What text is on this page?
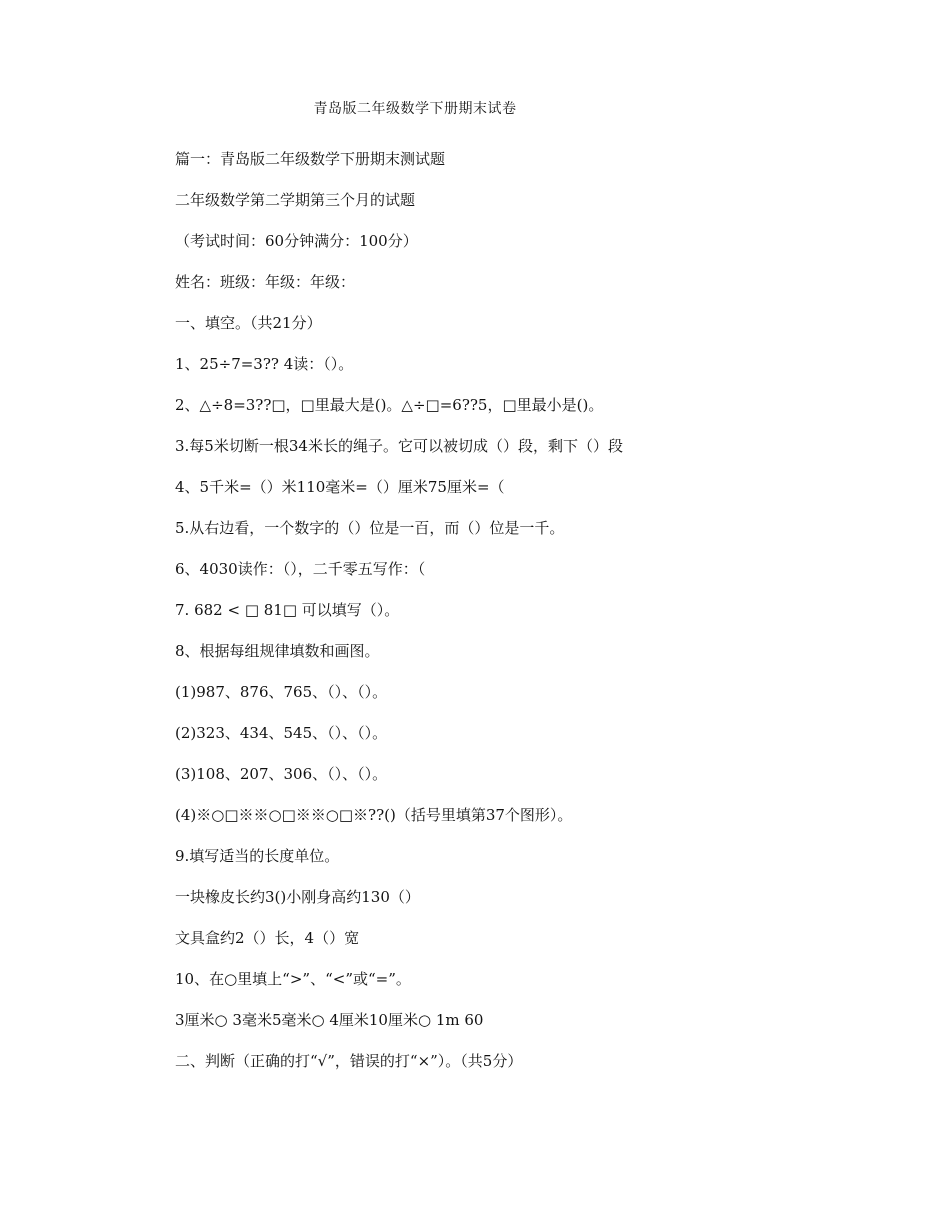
青岛版二年级数学下册期末试卷
篇一：青岛版二年级数学下册期末测试题
二年级数学第二学期第三个月的试题
（考试时间：60分钟满分：100分）
姓名：班级：年级：年级：
一、填空。（共21分）
1、25÷7=3?? 4读：（）。
2、△÷8=3??□，□里最大是()。△÷□=6??5，□里最小是()。
3.每5米切断一根34米长的绳子。它可以被切成（）段，剩下（）段
4、5千米=（）米110毫米=（）厘米75厘米=（
5.从右边看，一个数字的（）位是一百，而（）位是一千。
6、4030读作：（），二千零五写作：（
7. 682 < □ 81□ 可以填写（）。
8、根据每组规律填数和画图。
(1)987、876、765、（）、（）。
(2)323、434、545、（）、（）。
(3)108、207、306、（）、（）。
(4)※○□※※○□※※○□※??()（括号里填第37个图形）。
9.填写适当的长度单位。
一块橡皮长约3()小刚身高约130（）
文具盒约2（）长，4（）宽
10、在○里填上“>”、“<”或“=”。
3厘米○ 3毫米5毫米○ 4厘米10厘米○ 1m 60
二、判断（正确的打“√”，错误的打“×”）。（共5分）
